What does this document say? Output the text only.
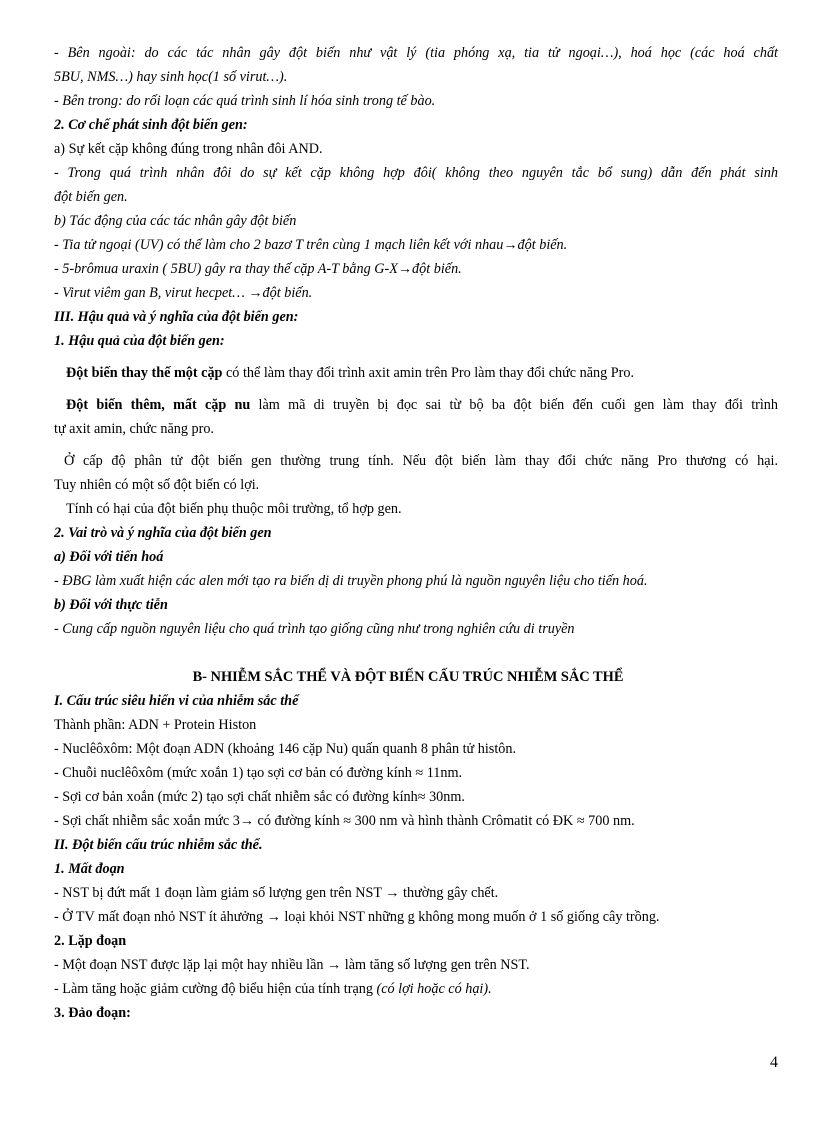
- Bên ngoài: do các tác nhân gây đột biến như vật lý (tia phóng xạ, tia tử ngoại…), hoá học (các hoá chất
5BU, NMS…) hay sinh học(1 số virut…).
- Bên trong: do rối loạn các quá trình sinh lí hóa sinh trong tế bào.
2. Cơ chế phát sinh đột biến gen:
a) Sự kết cặp không đúng trong nhân đôi AND.
- Trong quá trình nhân đôi do sự kết cặp không hợp đôi( không theo nguyên tắc bổ sung) dẫn đến phát sinh
đột biến gen.
b) Tác động của các tác nhân gây đột biến
- Tia tử ngoại (UV) có thể làm cho 2 bazơ T trên cùng 1 mạch liên kết với nhau→đột biến.
- 5-brômua uraxin ( 5BU) gây ra thay thế cặp A-T bằng G-X→đột biến.
- Virut viêm gan B, virut hecpet… →đột biến.
III. Hậu quả và ý nghĩa của đột biến gen:
1. Hậu quả của đột biến gen:
Đột biến thay thế một cặp có thể làm thay đổi trình axit amin trên Pro làm thay đổi chức năng Pro.
Đột biến thêm, mất cặp nu làm mã di truyền bị đọc sai từ bộ ba đột biến đến cuối gen làm thay đổi trình
tự axit amin, chức năng pro.
Ở cấp độ phân tử đột biến gen thường trung tính. Nếu đột biến làm thay đổi chức năng Pro thương có hại.
Tuy nhiên có một số đột biến có lợi.
Tính có hại của đột biến phụ thuộc môi trường, tổ hợp gen.
2. Vai trò và ý nghĩa của đột biến gen
a) Đối với tiến hoá
- ĐBG làm xuất hiện các alen mới tạo ra biến dị di truyền phong phú là nguồn nguyên liệu cho tiến hoá.
b) Đối với thực tiễn
- Cung cấp nguồn nguyên liệu cho quá trình tạo giống cũng như trong nghiên cứu di truyền
B- NHIỄM SẮC THỂ VÀ ĐỘT BIẾN CẤU TRÚC NHIỄM SẮC THỂ
I. Cấu trúc siêu hiển vi của nhiễm sắc thể
Thành phần: ADN + Protein Histon
- Nuclêôxôm: Một đoạn ADN (khoảng 146 cặp Nu) quấn quanh 8 phân tử histôn.
- Chuỗi nuclêôxôm (mức xoắn 1) tạo sợi cơ bản có đường kính ≈ 11nm.
- Sợi cơ bản xoắn (mức 2) tạo sợi chất nhiễm sắc có đường kính≈ 30nm.
- Sợi chất nhiễm sắc xoắn mức 3→ có đường kính ≈ 300 nm và hình thành Crômatit có ĐK ≈ 700 nm.
II. Đột biến cấu trúc nhiễm sắc thể.
1. Mất đoạn
- NST bị đứt mất 1 đoạn làm giảm số lượng gen trên NST → thường gây chết.
- Ở TV mất đoạn nhỏ NST ít ảhưởng → loại khỏi NST những g không mong muốn ở 1 số giống cây trồng.
2. Lặp đoạn
- Một đoạn NST được lặp lại một hay nhiều lần → làm tăng số lượng gen trên NST.
- Làm tăng hoặc giảm cường độ biểu hiện của tính trạng (có lợi hoặc có hại).
3. Đảo đoạn:
4
